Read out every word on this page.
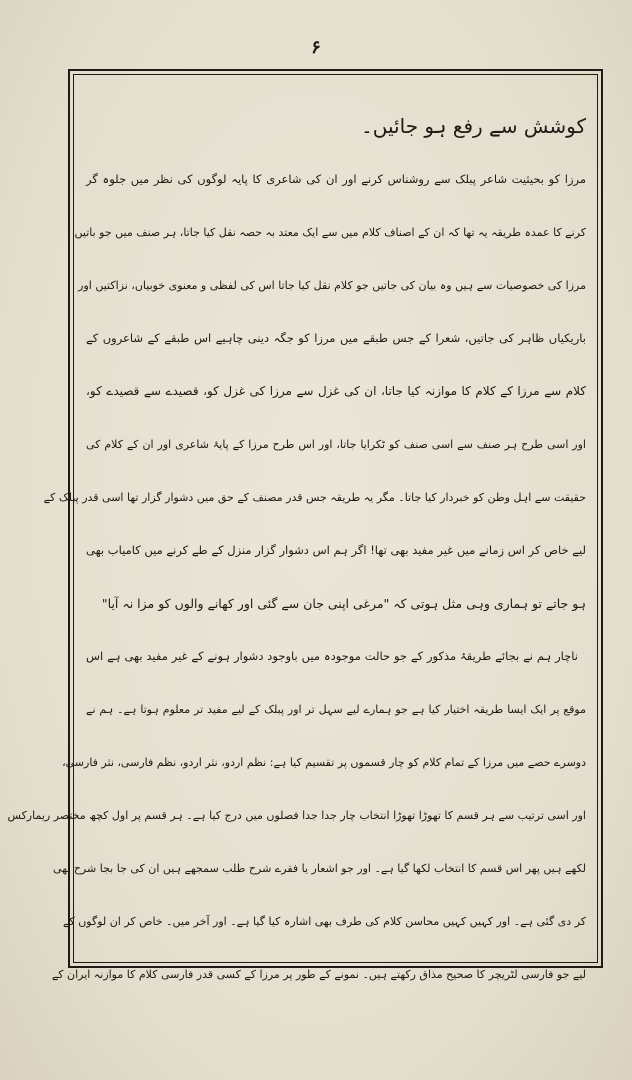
۶
کوشش سے رفع ہو جائیں۔
مرزا کو بحیثیت شاعر پبلک سے روشناس کرنے اور ان کی شاعری کا پایہ لوگوں کی نظر میں جلوہ گر
کرنے کا عمدہ طریقہ یہ تھا کہ ان کے اصناف کلام میں سے ایک معتد بہ حصہ نقل کیا جاتا، ہر صنف میں جو باتیں
مرزا کی خصوصیات سے ہیں وہ بیان کی جاتیں جو کلام نقل کیا جاتا اس کی لفظی و معنوی خوبیاں، نزاکتیں اور
باریکیاں ظاہر کی جاتیں، شعرا کے جس طبقے میں مرزا کو جگہ دینی چاہیے اس طبقے کے شاعروں کے
کلام سے مرزا کے کلام کا موازنہ کیا جاتا، ان کی غزل سے مرزا کی غزل کو، قصیدے سے قصیدے کو،
اور اسی طرح ہر صنف سے اسی صنف کو ٹکرایا جاتا، اور اس طرح مرزا کے پایۂ شاعری اور ان کے کلام کی
حقیقت سے اہل وطن کو خبردار کیا جاتا۔ مگر یہ طریقہ جس قدر مصنف کے حق میں دشوار گزار تھا اسی قدر پبلک کے
لیے خاص کر اس زمانے میں غیر مفید بھی تھا! اگر ہم اس دشوار گزار منزل کے طے کرنے میں کامیاب بھی
ہو جاتے تو ہماری وہی مثل ہوتی کہ "مرغی اپنی جان سے گئی اور کھانے والوں کو مزا نہ آیا"
ناچار ہم نے بجائے طریقۂ مذکور کے جو حالت موجودہ میں باوجود دشوار ہونے کے غیر مفید بھی ہے اس
موقع پر ایک ایسا طریقہ اختیار کیا ہے جو ہمارے لیے سہل تر اور پبلک کے لیے مفید تر معلوم ہوتا ہے۔ ہم نے
دوسرے حصے میں مرزا کے تمام کلام کو چار قسموں پر تقسیم کیا ہے: نظم اردو، نثر اردو، نظم فارسی، نثر فارسی،
اور اسی ترتیب سے ہر قسم کا تھوڑا تھوڑا انتخاب چار جدا جدا فصلوں میں درج کیا ہے۔ ہر قسم پر اول کچھ مختصر ریمارکس
لکھے ہیں پھر اس قسم کا انتخاب لکھا گیا ہے۔ اور جو اشعار یا فقرے شرح طلب سمجھے ہیں ان کی جا بجا شرح بھی
کر دی گئی ہے۔ اور کہیں کہیں محاسن کلام کی طرف بھی اشارہ کیا گیا ہے۔ اور آخر میں۔ خاص کر ان لوگوں کے
لیے جو فارسی لٹریچر کا صحیح مذاق رکھتے ہیں۔ نمونے کے طور پر مرزا کے کسی قدر فارسی کلام کا موازنہ ایران کے
